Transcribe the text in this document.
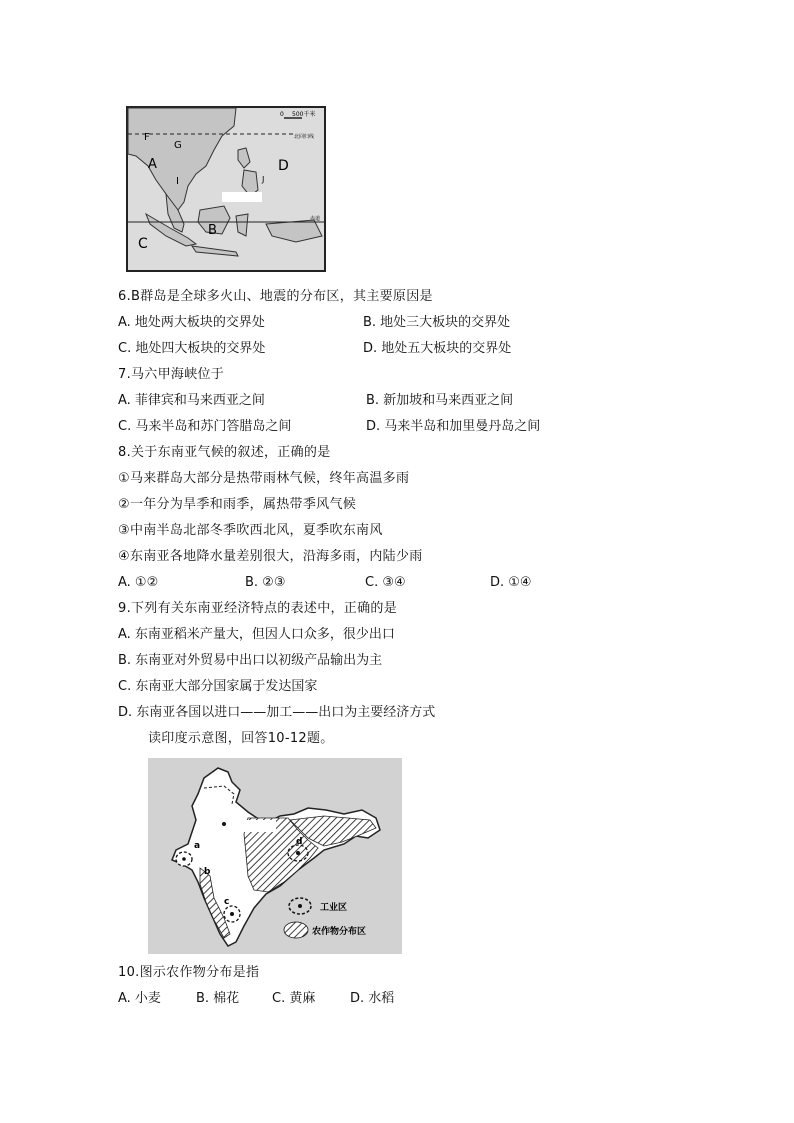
0 500千米
北回归线
赤道
F
G
A
I
D
J
B
C
6.B群岛是全球多火山、地震的分布区，其主要原因是
A. 地处两大板块的交界处	B. 地处三大板块的交界处
C. 地处四大板块的交界处	D. 地处五大板块的交界处
7.马六甲海峡位于
A. 菲律宾和马来西亚之间	B. 新加坡和马来西亚之间
C. 马来半岛和苏门答腊岛之间	D. 马来半岛和加里曼丹岛之间
8.关于东南亚气候的叙述，正确的是
①马来群岛大部分是热带雨林气候，终年高温多雨
②一年分为旱季和雨季，属热带季风气候
③中南半岛北部冬季吹西北风，夏季吹东南风
④东南亚各地降水量差别很大，沿海多雨，内陆少雨
A. ①②	B. ②③	C. ③④	D. ①④
9.下列有关东南亚经济特点的表述中，正确的是
A. 东南亚稻米产量大，但因人口众多，很少出口
B. 东南亚对外贸易中出口以初级产品输出为主
C. 东南亚大部分国家属于发达国家
D. 东南亚各国以进口——加工——出口为主要经济方式
读印度示意图，回答10-12题。
a
b
c
d
工业区
农作物分布区
10.图示农作物分布是指
A. 小麦	B. 棉花	C. 黄麻	D. 水稻
